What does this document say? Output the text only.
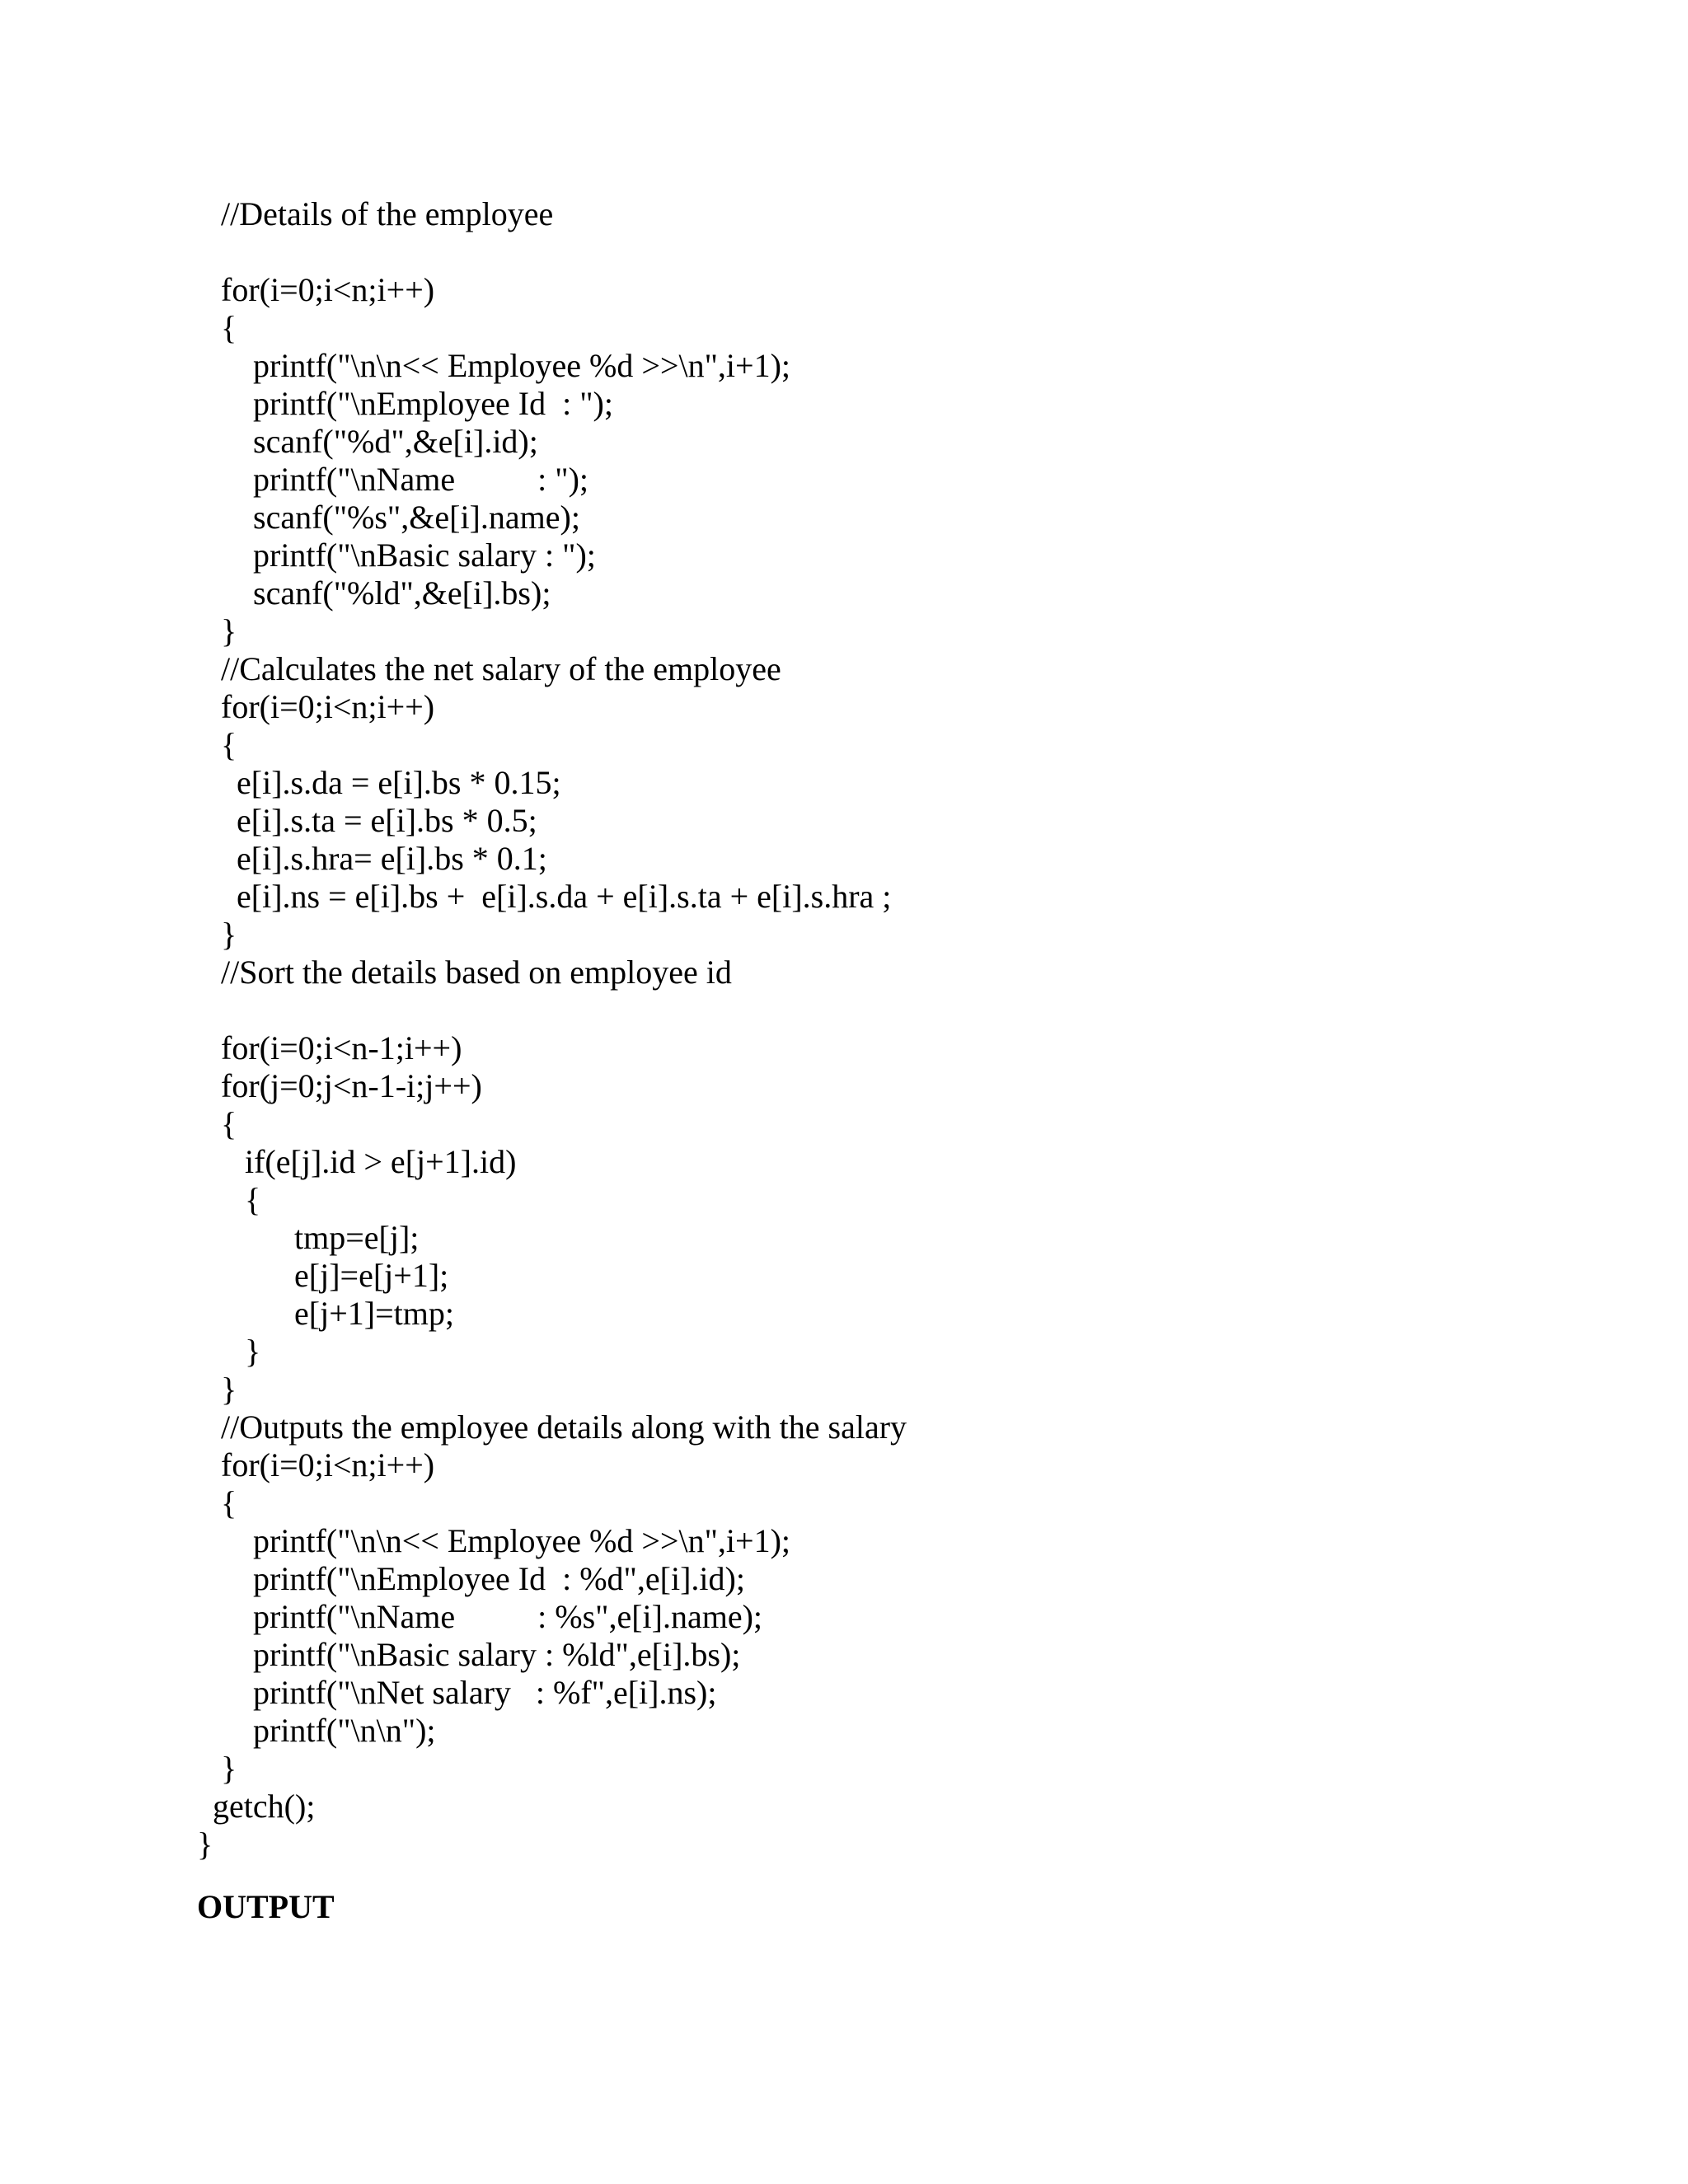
//Details of the employee
for(i=0;i<n;i++)
{
printf("\n\n<< Employee %d >>\n",i+1);
printf("\nEmployee Id  : ");
scanf("%d",&e[i].id);
printf("\nName          : ");
scanf("%s",&e[i].name);
printf("\nBasic salary : ");
scanf("%ld",&e[i].bs);
}
//Calculates the net salary of the employee
for(i=0;i<n;i++)
{
e[i].s.da = e[i].bs * 0.15;
e[i].s.ta = e[i].bs * 0.5;
e[i].s.hra= e[i].bs * 0.1;
e[i].ns = e[i].bs +  e[i].s.da + e[i].s.ta + e[i].s.hra ;
}
//Sort the details based on employee id
for(i=0;i<n-1;i++)
for(j=0;j<n-1-i;j++)
{
if(e[j].id > e[j+1].id)
{
tmp=e[j];
e[j]=e[j+1];
e[j+1]=tmp;
}
}
//Outputs the employee details along with the salary
for(i=0;i<n;i++)
{
printf("\n\n<< Employee %d >>\n",i+1);
printf("\nEmployee Id  : %d",e[i].id);
printf("\nName          : %s",e[i].name);
printf("\nBasic salary : %ld",e[i].bs);
printf("\nNet salary   : %f",e[i].ns);
printf("\n\n");
}
getch();
}
OUTPUT
